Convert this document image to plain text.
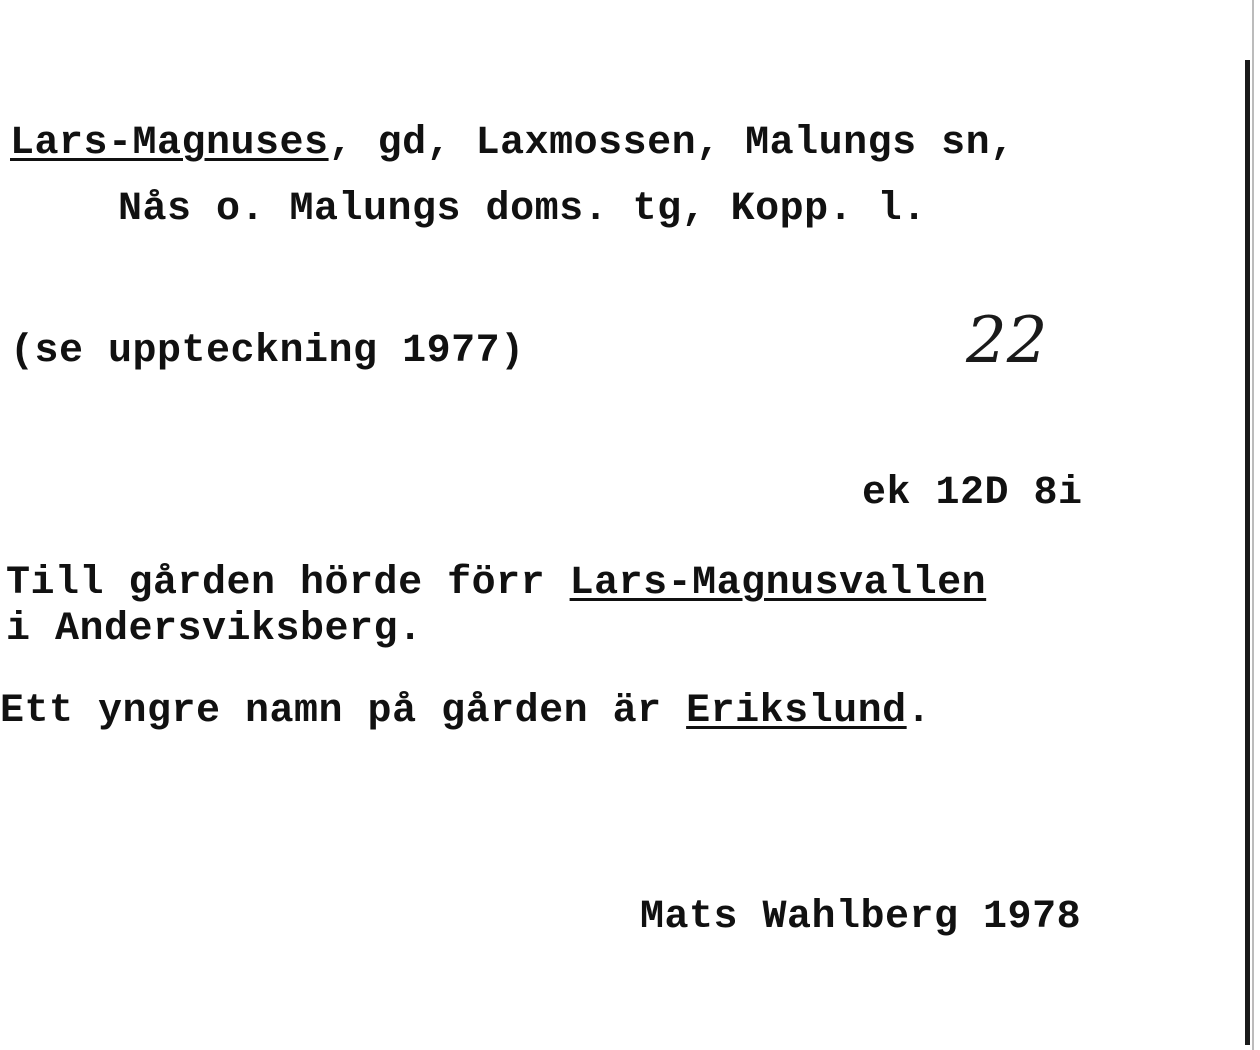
Lars-Magnuses, gd, Laxmossen, Malungs sn,
Nås o. Malungs doms. tg, Kopp. l.
(se uppteckning 1977)	22
ek 12D 8i
Till gården hörde förr Lars-Magnusvallen
i Andersviksberg.
Ett yngre namn på gården är Erikslund.
Mats Wahlberg 1978
